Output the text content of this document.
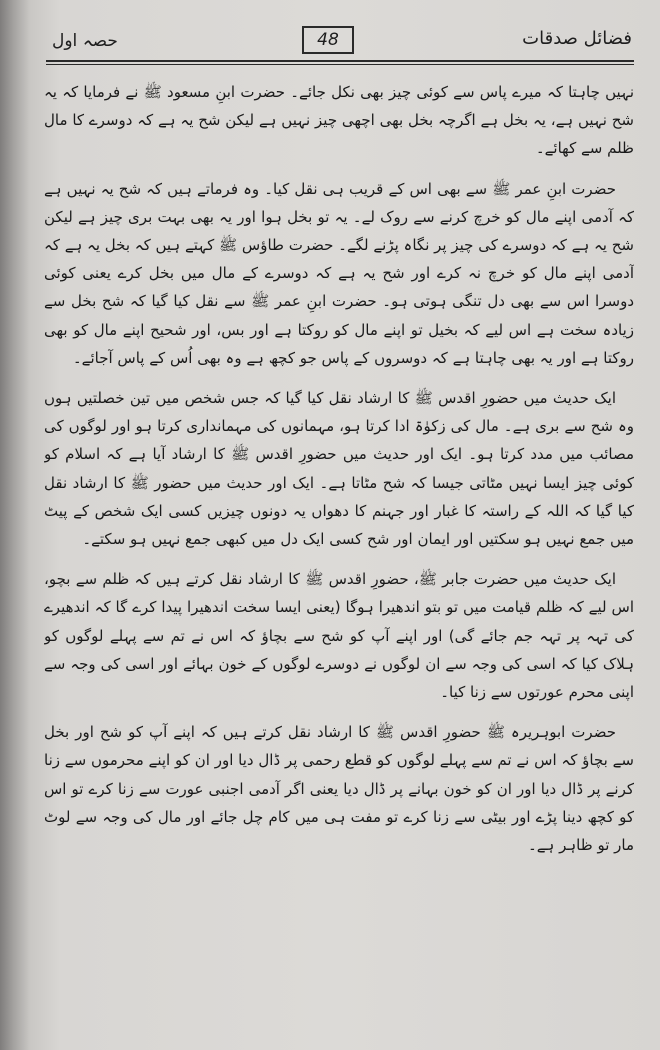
حصہ اول	48	فضائل صدقات

نہیں چاہتا کہ میرے پاس سے کوئی چیز بھی نکل جائے۔ حضرت ابنِ مسعود ﷺ نے فرمایا کہ یہ شح نہیں ہے، یہ بخل ہے اگرچہ بخل بھی اچھی چیز نہیں ہے لیکن شح یہ ہے کہ دوسرے کا مال ظلم سے کھائے۔

حضرت ابنِ عمر ﷺ سے بھی اس کے قریب ہی نقل کیا۔ وہ فرماتے ہیں کہ شح یہ نہیں ہے کہ آدمی اپنے مال کو خرچ کرنے سے روک لے۔ یہ تو بخل ہوا اور یہ بھی بہت بری چیز ہے لیکن شح یہ ہے کہ دوسرے کی چیز پر نگاہ پڑنے لگے۔ حضرت طاؤس ﷺ کہتے ہیں کہ بخل یہ ہے کہ آدمی اپنے مال کو خرچ نہ کرے اور شح یہ ہے کہ دوسرے کے مال میں بخل کرے یعنی کوئی دوسرا اس سے بھی دل تنگی ہوتی ہو۔ حضرت ابنِ عمر ﷺ سے نقل کیا گیا کہ شح بخل سے زیادہ سخت ہے اس لیے کہ بخیل تو اپنے مال کو روکتا ہے اور بس، اور شحیح اپنے مال کو بھی روکتا ہے اور یہ بھی چاہتا ہے کہ دوسروں کے پاس جو کچھ ہے وہ بھی اُس کے پاس آجائے۔

ایک حدیث میں حضورِ اقدس ﷺ کا ارشاد نقل کیا گیا کہ جس شخص میں تین خصلتیں ہوں وہ شح سے بری ہے۔ مال کی زکوٰۃ ادا کرتا ہو، مہمانوں کی مہمانداری کرتا ہو اور لوگوں کی مصائب میں مدد کرتا ہو۔ ایک اور حدیث میں حضورِ اقدس ﷺ کا ارشاد آیا ہے کہ اسلام کو کوئی چیز ایسا نہیں مٹاتی جیسا کہ شح مٹاتا ہے۔ ایک اور حدیث میں حضور ﷺ کا ارشاد نقل کیا گیا کہ اللہ کے راستہ کا غبار اور جہنم کا دھواں یہ دونوں چیزیں کسی ایک شخص کے پیٹ میں جمع نہیں ہو سکتیں اور ایمان اور شح کسی ایک دل میں کبھی جمع نہیں ہو سکتے۔

ایک حدیث میں حضرت جابر ﷺ، حضورِ اقدس ﷺ کا ارشاد نقل کرتے ہیں کہ ظلم سے بچو، اس لیے کہ ظلم قیامت میں تو بتو اندھیرا ہوگا (یعنی ایسا سخت اندھیرا پیدا کرے گا کہ اندھیرے کی تہہ پر تہہ جم جائے گی) اور اپنے آپ کو شح سے بچاؤ کہ اس نے تم سے پہلے لوگوں کو ہلاک کیا کہ اسی کی وجہ سے ان لوگوں نے دوسرے لوگوں کے خون بہائے اور اسی کی وجہ سے اپنی محرم عورتوں سے زنا کیا۔

حضرت ابوہریرہ ﷺ حضورِ اقدس ﷺ کا ارشاد نقل کرتے ہیں کہ اپنے آپ کو شح اور بخل سے بچاؤ کہ اس نے تم سے پہلے لوگوں کو قطع رحمی پر ڈال دیا اور ان کو اپنے محرموں سے زنا کرنے پر ڈال دیا اور ان کو خون بہانے پر ڈال دیا یعنی اگر آدمی اجنبی عورت سے زنا کرے تو اس کو کچھ دینا پڑے اور بیٹی سے زنا کرے تو مفت ہی میں کام چل جائے اور مال کی وجہ سے لوٹ مار تو ظاہر ہے۔
